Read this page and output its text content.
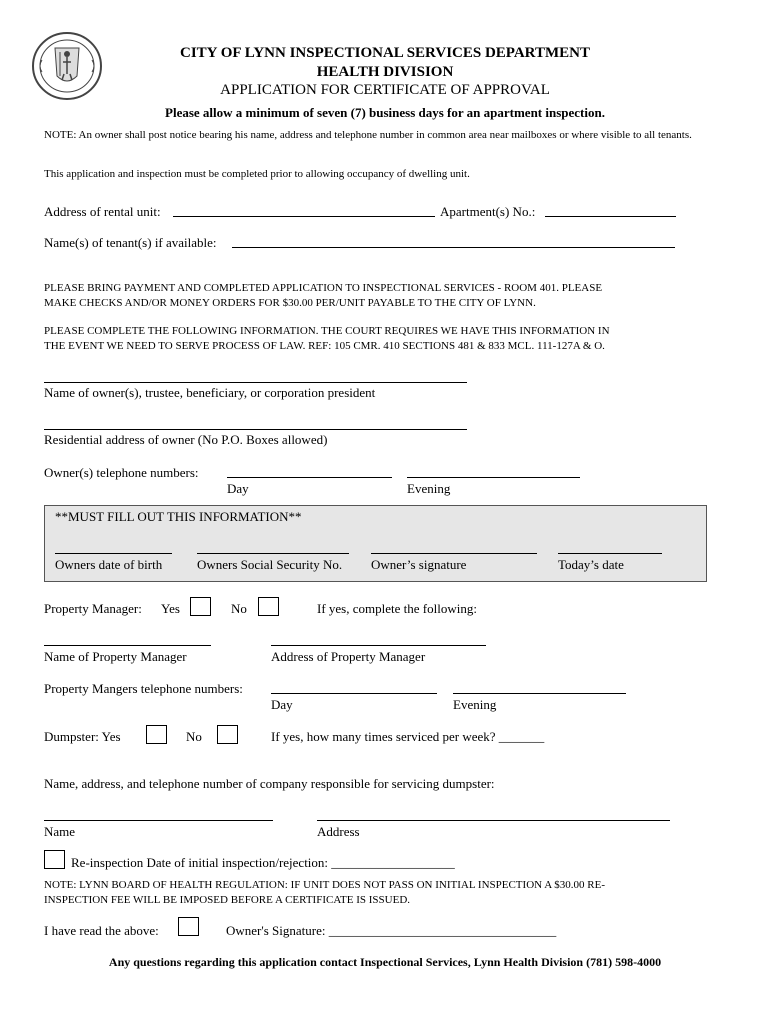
CITY OF LYNN INSPECTIONAL SERVICES DEPARTMENT
HEALTH DIVISION
APPLICATION FOR CERTIFICATE OF APPROVAL
Please allow a minimum of seven (7) business days for an apartment inspection.
NOTE: An owner shall post notice bearing his name, address and telephone number in common area near mailboxes or where visible to all tenants.
This application and inspection must be completed prior to allowing occupancy of dwelling unit.
Address of rental unit:	Apartment(s) No.:
Name(s) of tenant(s) if available:
PLEASE BRING PAYMENT AND COMPLETED APPLICATION TO INSPECTIONAL SERVICES - ROOM 401. PLEASE
MAKE CHECKS AND/OR MONEY ORDERS FOR $30.00 PER/UNIT PAYABLE TO THE CITY OF LYNN.
PLEASE COMPLETE THE FOLLOWING INFORMATION. THE COURT REQUIRES WE HAVE THIS INFORMATION IN
THE EVENT WE NEED TO SERVE PROCESS OF LAW. REF: 105 CMR. 410 SECTIONS 481 & 833 MCL. 111-127A & O.
Name of owner(s), trustee, beneficiary, or corporation president
Residential address of owner (No P.O. Boxes allowed)
Owner(s) telephone numbers:
Day	Evening
**MUST FILL OUT THIS INFORMATION**
Owners date of birth	Owners Social Security No. Owner’s signature	Today’s date
Property Manager: Yes	No	If yes, complete the following:
Name of Property Manager	Address of Property Manager
Property Mangers telephone numbers:
Day	Evening
Dumpster: Yes	No	If yes, how many times serviced per week? _______
Name, address, and telephone number of company responsible for servicing dumpster:
Name	Address
Re-inspection Date of initial inspection/rejection: ___________________
NOTE: LYNN BOARD OF HEALTH REGULATION: IF UNIT DOES NOT PASS ON INITIAL INSPECTION A $30.00 RE-
INSPECTION FEE WILL BE IMPOSED BEFORE A CERTIFICATE IS ISSUED.
I have read the above:	Owner's Signature: ___________________________________
Any questions regarding this application contact Inspectional Services, Lynn Health Division (781) 598-4000
